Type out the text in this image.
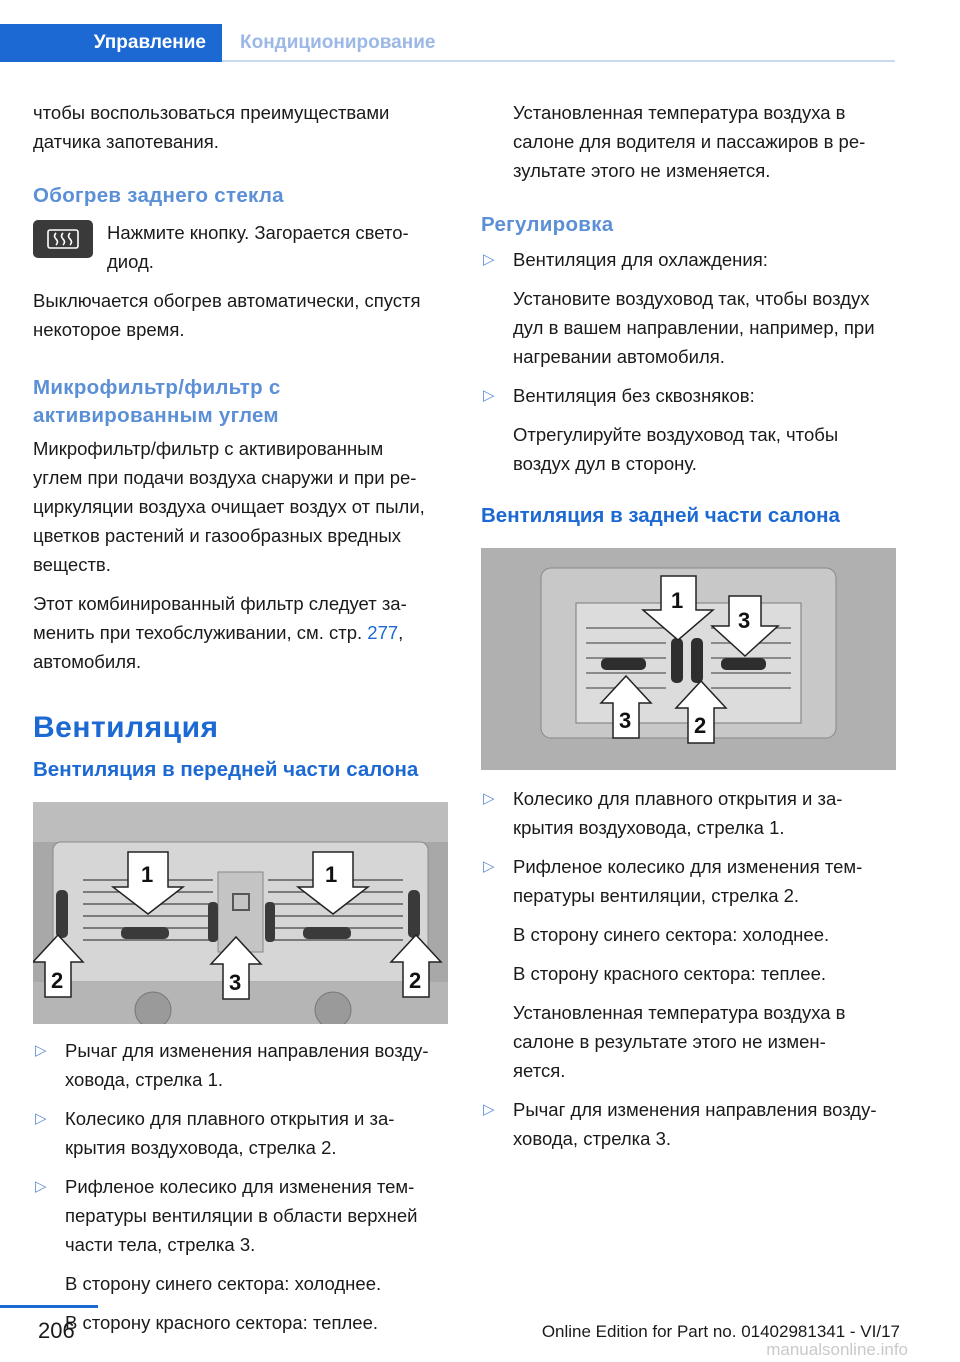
Управление Кондиционирование

чтобы воспользоваться преимуществами
датчика запотевания.

Обогрев заднего стекла

Нажмите кнопку. Загорается свето-
диод.

Выключается обогрев автоматически, спустя
некоторое время.

Микрофильтр/фильтр с
активированным углем

Микрофильтр/фильтр с активированным
углем при подачи воздуха снаружи и при ре-
циркуляции воздуха очищает воздух от пыли,
цветков растений и газообразных вредных
веществ.

Этот комбинированный фильтр следует за-
менить при техобслуживании, см. стр. 277,
автомобиля.

Вентиляция
Вентиляция в передней части салона
1	1
2	3	2

▷ Рычаг для изменения направления возду-
ховода, стрелка 1.

▷ Колесико для плавного открытия и за-
крытия воздуховода, стрелка 2.

▷ Рифленое колесико для изменения тем-
пературы вентиляции в области верхней
части тела, стрелка 3.

В сторону синего сектора: холоднее.

В сторону красного сектора: теплее.

Установленная температура воздуха в
салоне для водителя и пассажиров в ре-
зультате этого не изменяется.

Регулировка

▷ Вентиляция для охлаждения:

Установите воздуховод так, чтобы воздух
дул в вашем направлении, например, при
нагревании автомобиля.

▷ Вентиляция без сквозняков:

Отрегулируйте воздуховод так, чтобы
воздух дул в сторону.

Вентиляция в задней части салона
1
3
3	2

▷ Колесико для плавного открытия и за-
крытия воздуховода, стрелка 1.

▷ Рифленое колесико для изменения тем-
пературы вентиляции, стрелка 2.

В сторону синего сектора: холоднее.

В сторону красного сектора: теплее.

Установленная температура воздуха в
салоне в результате этого не измен-
яется.

▷ Рычаг для изменения направления возду-
ховода, стрелка 3.

206	Online Edition for Part no. 01402981341 - VI/17
manualsonline.info
